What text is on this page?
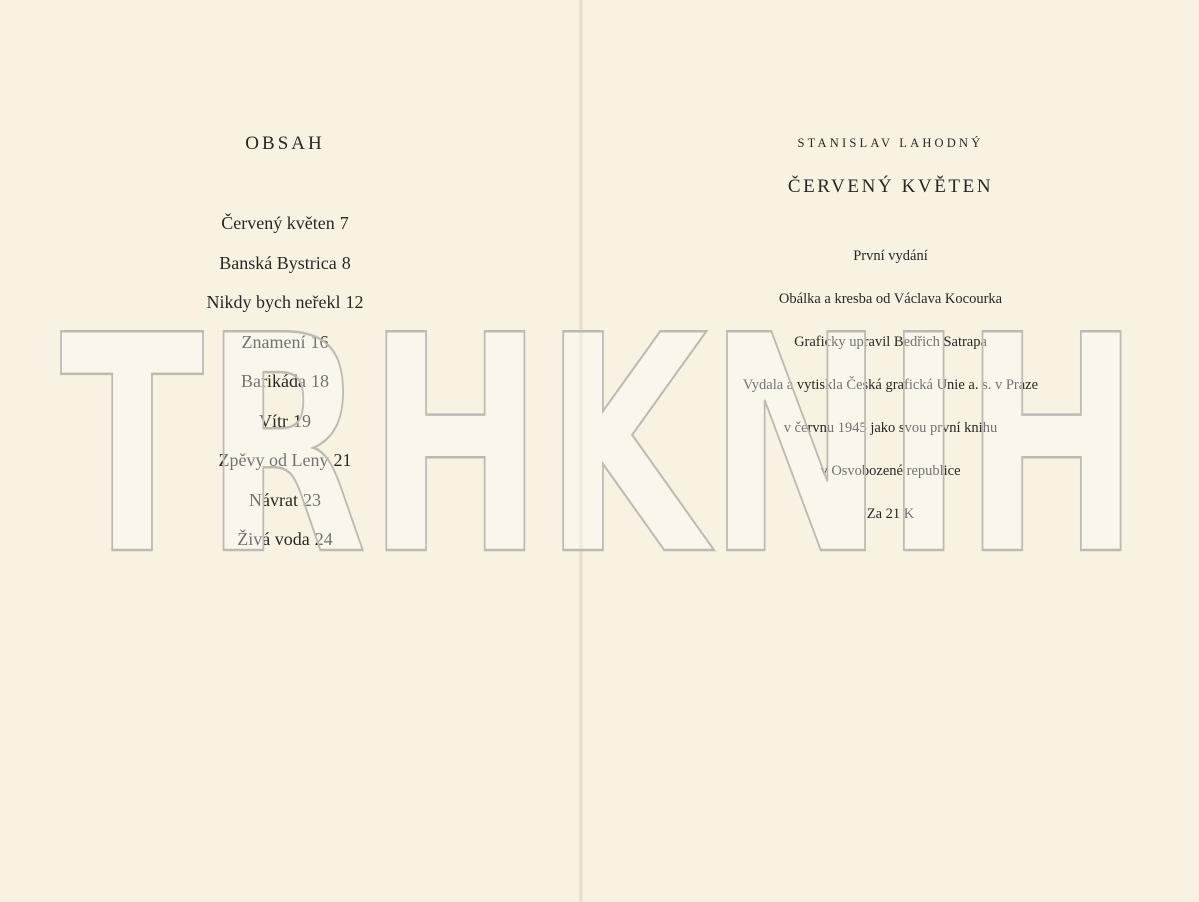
OBSAH
Červený květen 7
Banská Bystrica 8
Nikdy bych neřekl 12
Znamení 16
Barikáda 18
Vítr 19
Zpěvy od Leny 21
Návrat 23
Živá voda 24
STANISLAV LAHODNÝ
ČERVENÝ KVĚTEN
První vydání
Obálka a kresba od Václava Kocourka
Graficky upravil Bedřich Satrapa
Vydala a vytiskla Česká grafická Unie a. s. v Praze
v červnu 1945 jako svou první knihu
v Osvobozené republice
Za 21 K
TRHKNIH
